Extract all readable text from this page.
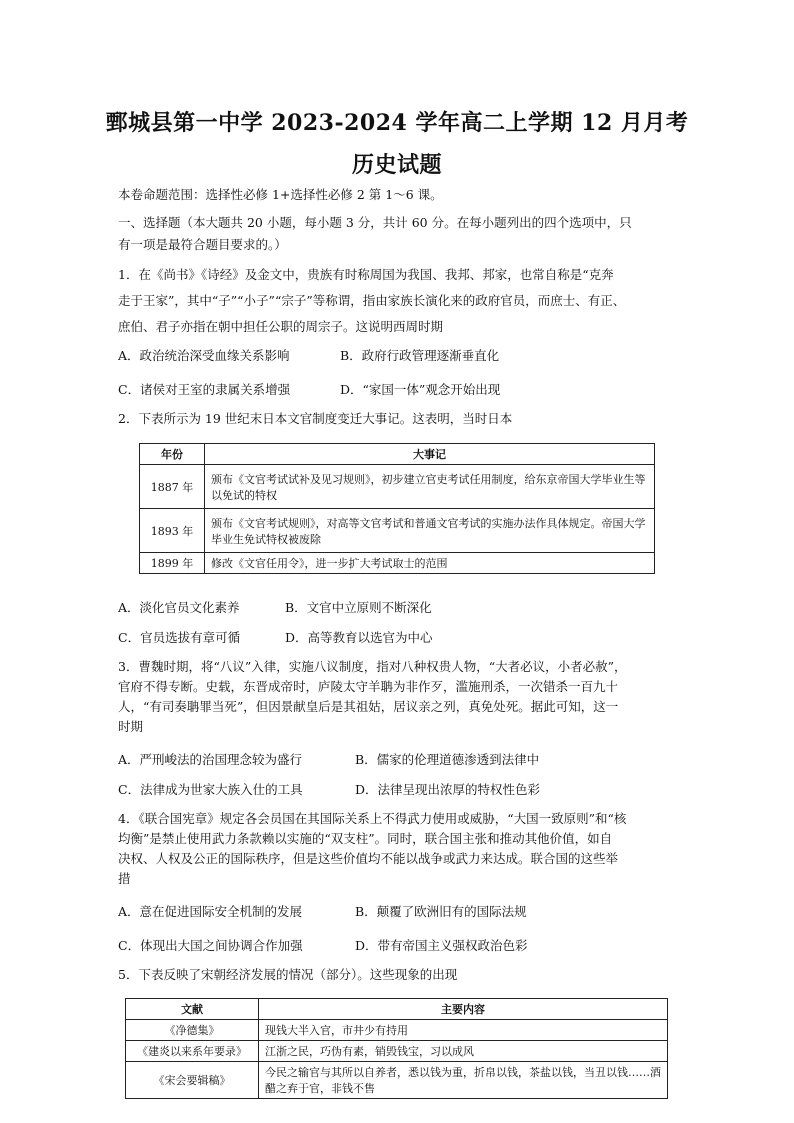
鄄城县第一中学 2023-2024 学年高二上学期 12 月月考
历史试题
本卷命题范围：选择性必修 1+选择性必修 2 第 1～6 课。
一、选择题（本大题共 20 小题，每小题 3 分，共计 60 分。在每小题列出的四个选项中，只
有一项是最符合题目要求的。）
1．在《尚书》《诗经》及金文中，贵族有时称周国为我国、我邦、邦家，也常自称是“克奔
走于王家”，其中“子”“小子”“宗子”等称谓，指由家族长演化来的政府官员，而庶士、有正、
庶伯、君子亦指在朝中担任公职的周宗子。这说明西周时期
A．政治统治深受血缘关系影响	B．政府行政管理逐渐垂直化
C．诸侯对王室的隶属关系增强	D．“家国一体”观念开始出现
2．下表所示为 19 世纪末日本文官制度变迁大事记。这表明，当时日本
年份	大事记
1887 年	颁布《文官考试试补及见习规则》，初步建立官吏考试任用制度，给东京帝国大学毕业生等以免试的特权
1893 年	颁布《文官考试规则》，对高等文官考试和普通文官考试的实施办法作具体规定。帝国大学毕业生免试特权被废除
1899 年	修改《文官任用令》，进一步扩大考试取士的范围
A．淡化官员文化素养	B．文官中立原则不断深化
C．官员选拔有章可循	D．高等教育以选官为中心
3．曹魏时期，将“八议”入律，实施八议制度，指对八种权贵人物，“大者必议，小者必赦”，
官府不得专断。史载，东晋成帝时，庐陵太守羊聃为非作歹，滥施刑杀，一次错杀一百九十
人，“有司奏聃罪当死”，但因景献皇后是其祖姑，居议亲之列，真免处死。据此可知，这一
时期
A．严刑峻法的治国理念较为盛行	B．儒家的伦理道德渗透到法律中
C．法律成为世家大族入仕的工具	D．法律呈现出浓厚的特权性色彩
4．《联合国宪章》规定各会员国在其国际关系上不得武力使用或威胁，“大国一致原则”和“核
均衡”是禁止使用武力条款赖以实施的“双支柱”。同时，联合国主张和推动其他价值，如自
决权、人权及公正的国际秩序，但是这些价值均不能以战争或武力来达成。联合国的这些举
措
A．意在促进国际安全机制的发展	B．颠覆了欧洲旧有的国际法规
C．体现出大国之间协调合作加强	D．带有帝国主义强权政治色彩
5．下表反映了宋朝经济发展的情况（部分）。这些现象的出现
文献	主要内容
《净德集》	现钱大半入官，市井少有持用
《建炎以来系年要录》	江浙之民，巧伪有素，销毁钱宝，习以成风
《宋会要辑稿》	今民之输官与其所以自养者，悉以钱为重，折帛以钱，茶盐以钱，当丑以钱……酒醋之弃于官，非钱不售
